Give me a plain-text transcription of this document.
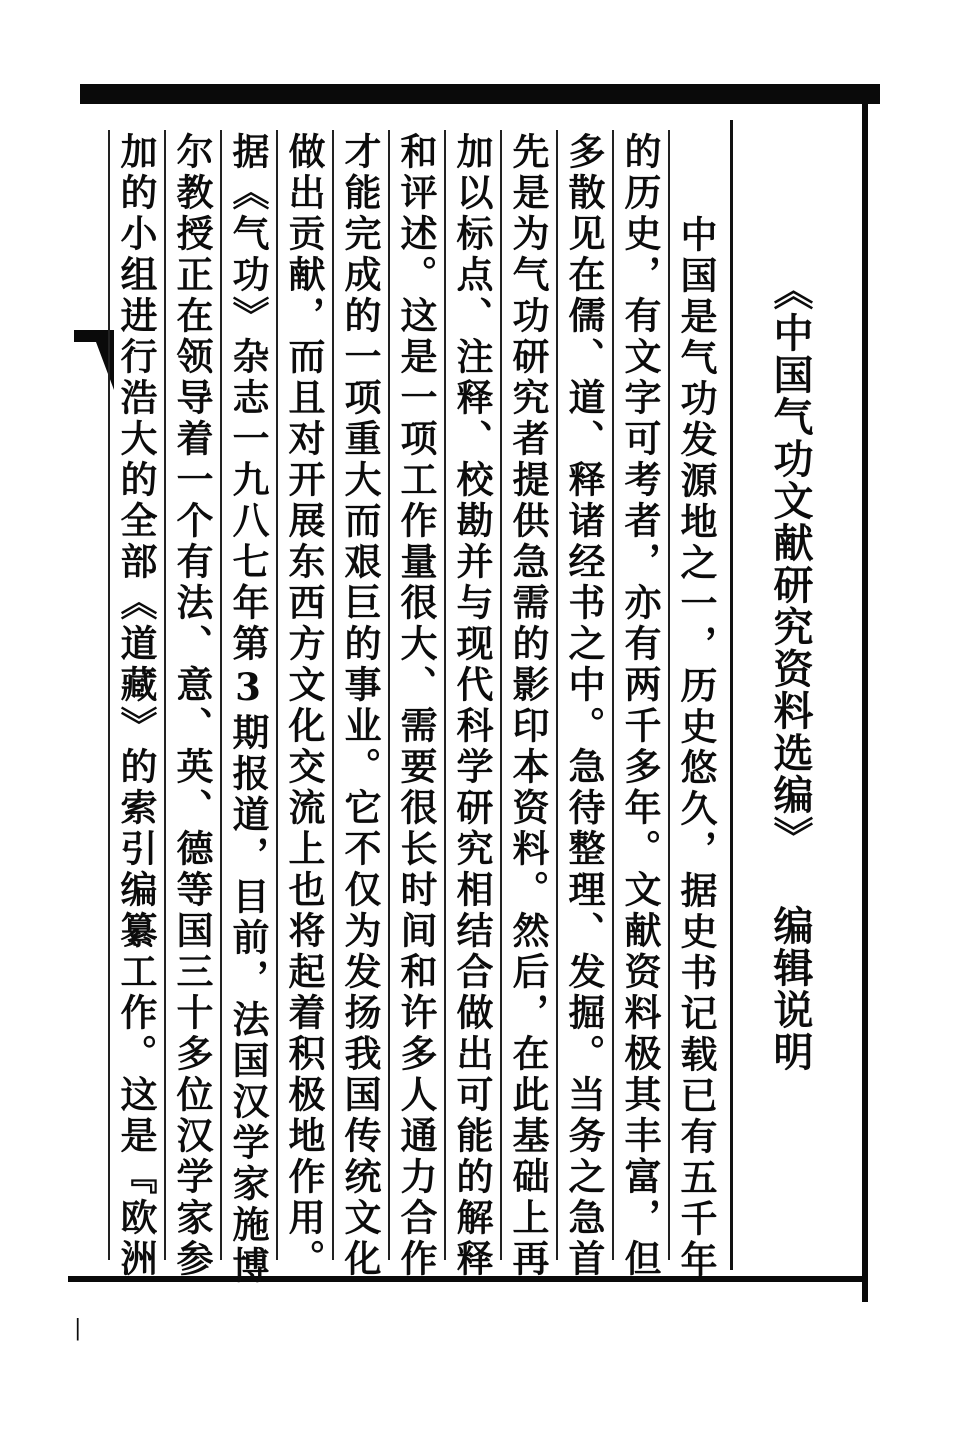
《中国气功文献研究资料选编》
编辑说明
中国是气功发源地之一，历史悠久，据史书记载已有五千年
的历史，有文字可考者，亦有两千多年。文献资料极其丰富，但
多散见在儒、道、释诸经书之中。急待整理、发掘。当务之急首
先是为气功研究者提供急需的影印本资料。然后，在此基础上再
加以标点、注释、校勘并与现代科学研究相结合做出可能的解释
和评述。这是一项工作量很大、需要很长时间和许多人通力合作
才能完成的一项重大而艰巨的事业。它不仅为发扬我国传统文化
做出贡献，而且对开展东西方文化交流上也将起着积极地作用。
据《气功》杂志一九八七年第3期报道，目前，法国汉学家施博
尔教授正在领导着一个有法、意、英、德等国三十多位汉学家参
加的小组进行浩大的全部《道藏》的索引编纂工作。这是『欧洲
|
